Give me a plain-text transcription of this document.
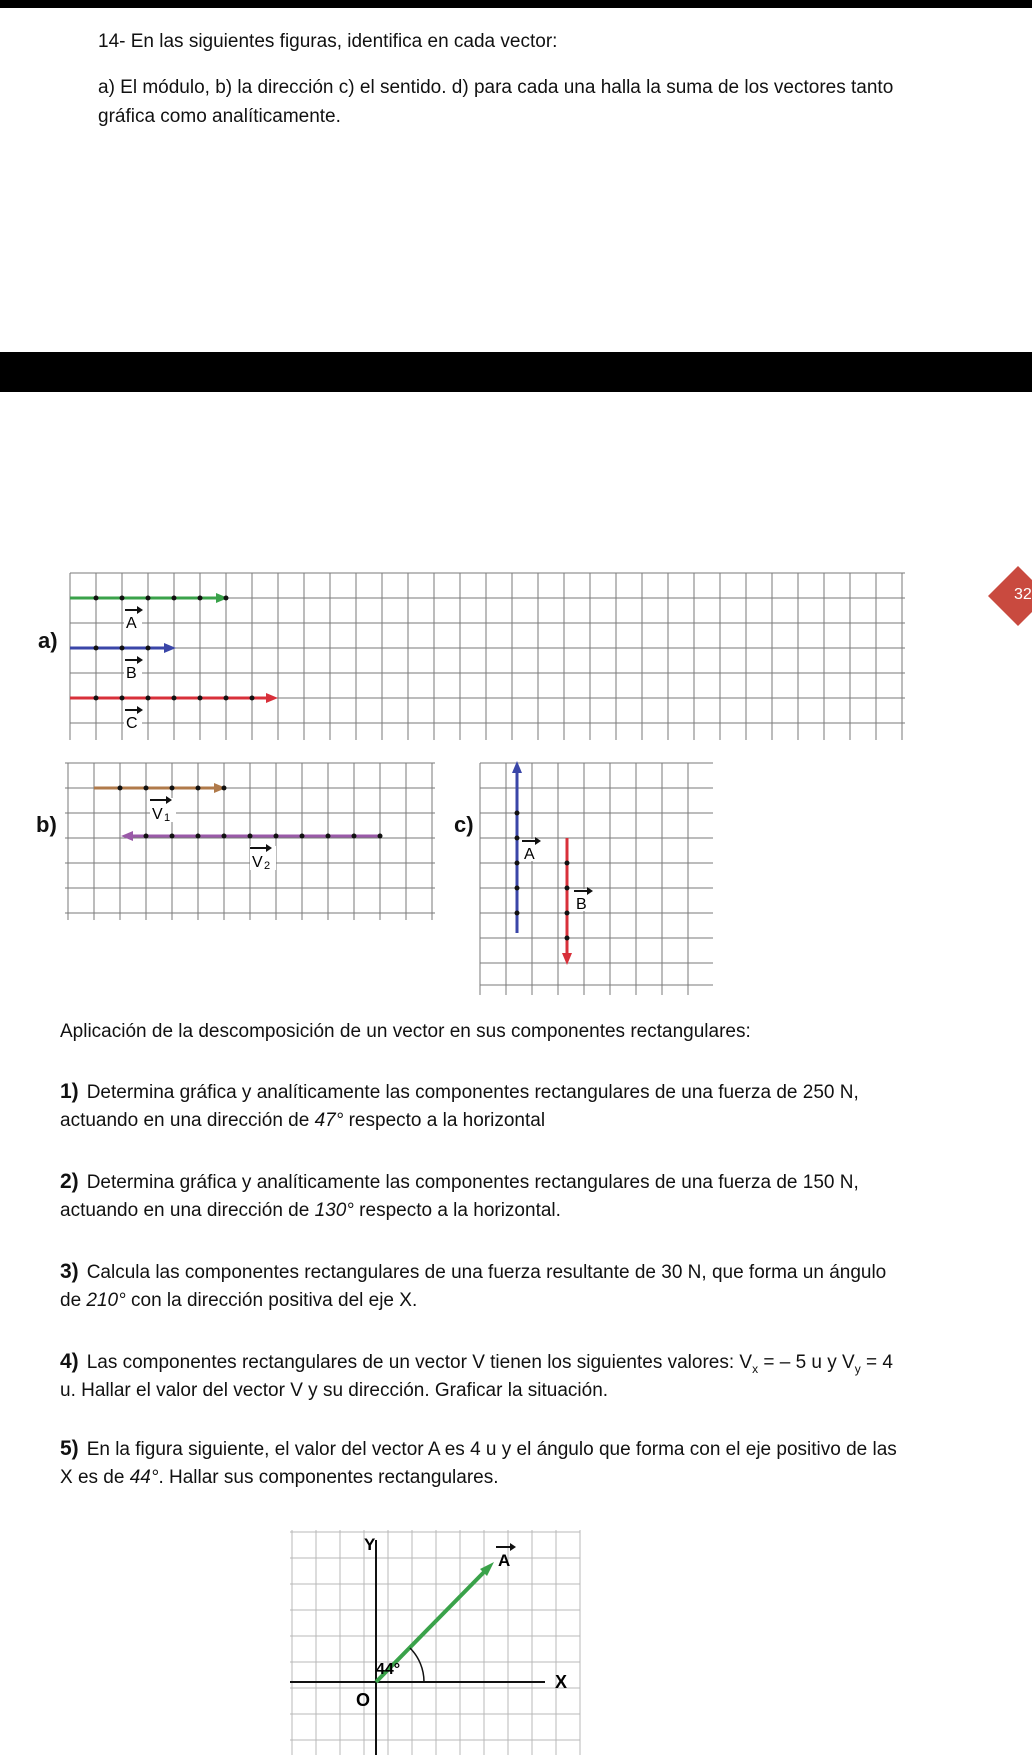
14- En las siguientes figuras, identifica en cada vector:
a) El módulo, b) la dirección c) el sentido. d) para cada una halla la suma de los vectores tanto
gráfica como analíticamente.
32
a)
A
B
C
b)	V 1
V 2
c)
A
B
Aplicación de la descomposición de un vector en sus componentes rectangulares:
1) Determina gráfica y analíticamente las componentes rectangulares de una fuerza de 250 N,
actuando en una dirección de 47° respecto a la horizontal
2) Determina gráfica y analíticamente las componentes rectangulares de una fuerza de 150 N,
actuando en una dirección de 130° respecto a la horizontal.
3) Calcula las componentes rectangulares de una fuerza resultante de 30 N, que forma un ángulo
de 210° con la dirección positiva del eje X.
4) Las componentes rectangulares de un vector V tienen los siguientes valores: $V_x$ = – 5 u y $V_y = 4$
u. Hallar el valor del vector V y su dirección. Graficar la situación.
5) En la figura siguiente, el valor del vector A es 4 u y el ángulo que forma con el eje positivo de las
X es de 44°. Hallar sus componentes rectangulares.
Y
X
O
44°
A
